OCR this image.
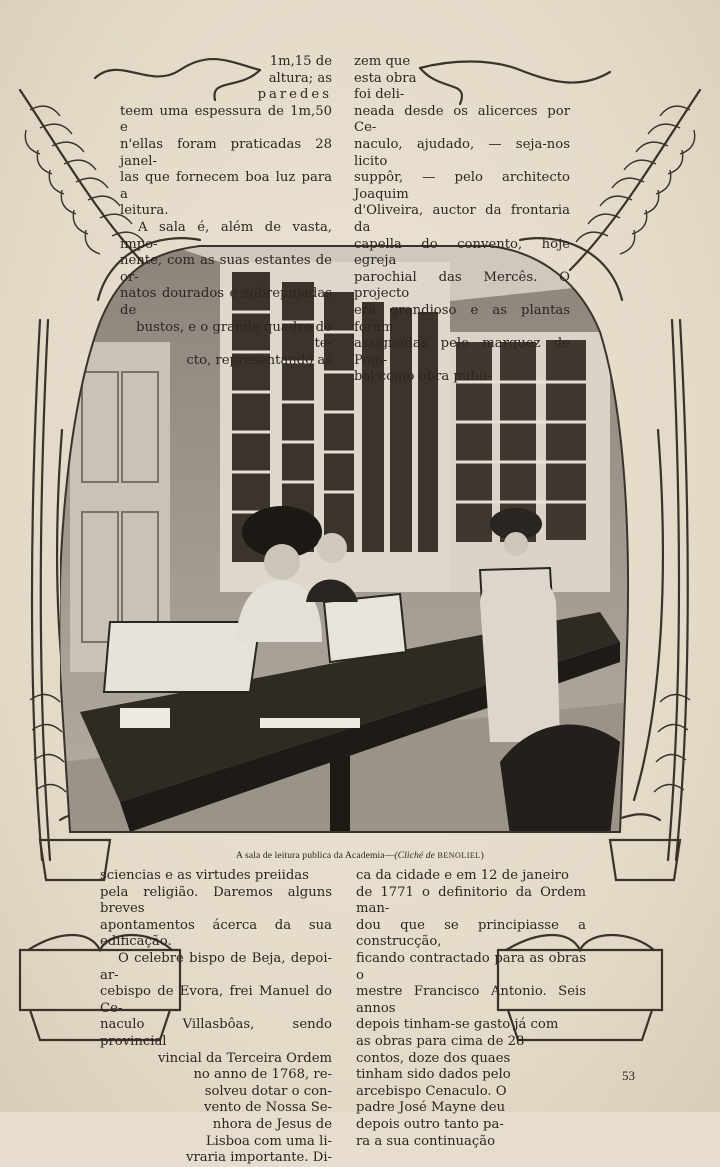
1m,15 de
altura; as
paredes
teem uma espessura de 1m,50 e
n'ellas foram praticadas 28 janel-
las que fornecem boa luz para a
leitura.

A sala é, além de vasta, impo-
nente, com as suas estantes de or-
natos dourados e sobrepujadas de
bustos, e o grande quadro do te-
cto, representando as

zem que
esta obra
foi deli-
neada desde os alicerces por Ce-
naculo, ajudado, — seja-nos licito
suppôr, — pelo architecto Joaquim
d'Oliveira, auctor da frontaria da
capella do convento, hoje egreja
parochial das Mercês. O projecto
era grandioso e as plantas foram
assignadas pelo marquez de Pom-
bal como obra publi-
A sala de leitura publica da Academia—(Cliché de BENOLIEL)

sciencias e as virtudes preiidas
pela religião. Daremos alguns breves
apontamentos ácerca da sua edificação.

O celebre bispo de Beja, depoi-ar-
cebispo de Evora, frei Manuel do Ce-
naculo Villasbôas, sendo provincial
vincial da Terceira Ordem
no anno de 1768, re-
solveu dotar o con-
vento de Nossa Se-
nhora de Jesus de
Lisboa com uma li-
vraria importante. Di-

ca da cidade e em 12 de janeiro
de 1771 o definitorio da Ordem man-
dou que se principiasse a construcção,
ficando contractado para as obras o
mestre Francisco Antonio. Seis annos
depois tinham-se gasto já com
as obras para cima de 28
contos, doze dos quaes
tinham sido dados pelo
arcebispo Cenaculo. O
padre José Mayne deu
depois outro tanto pa-
ra a sua continuação
53
